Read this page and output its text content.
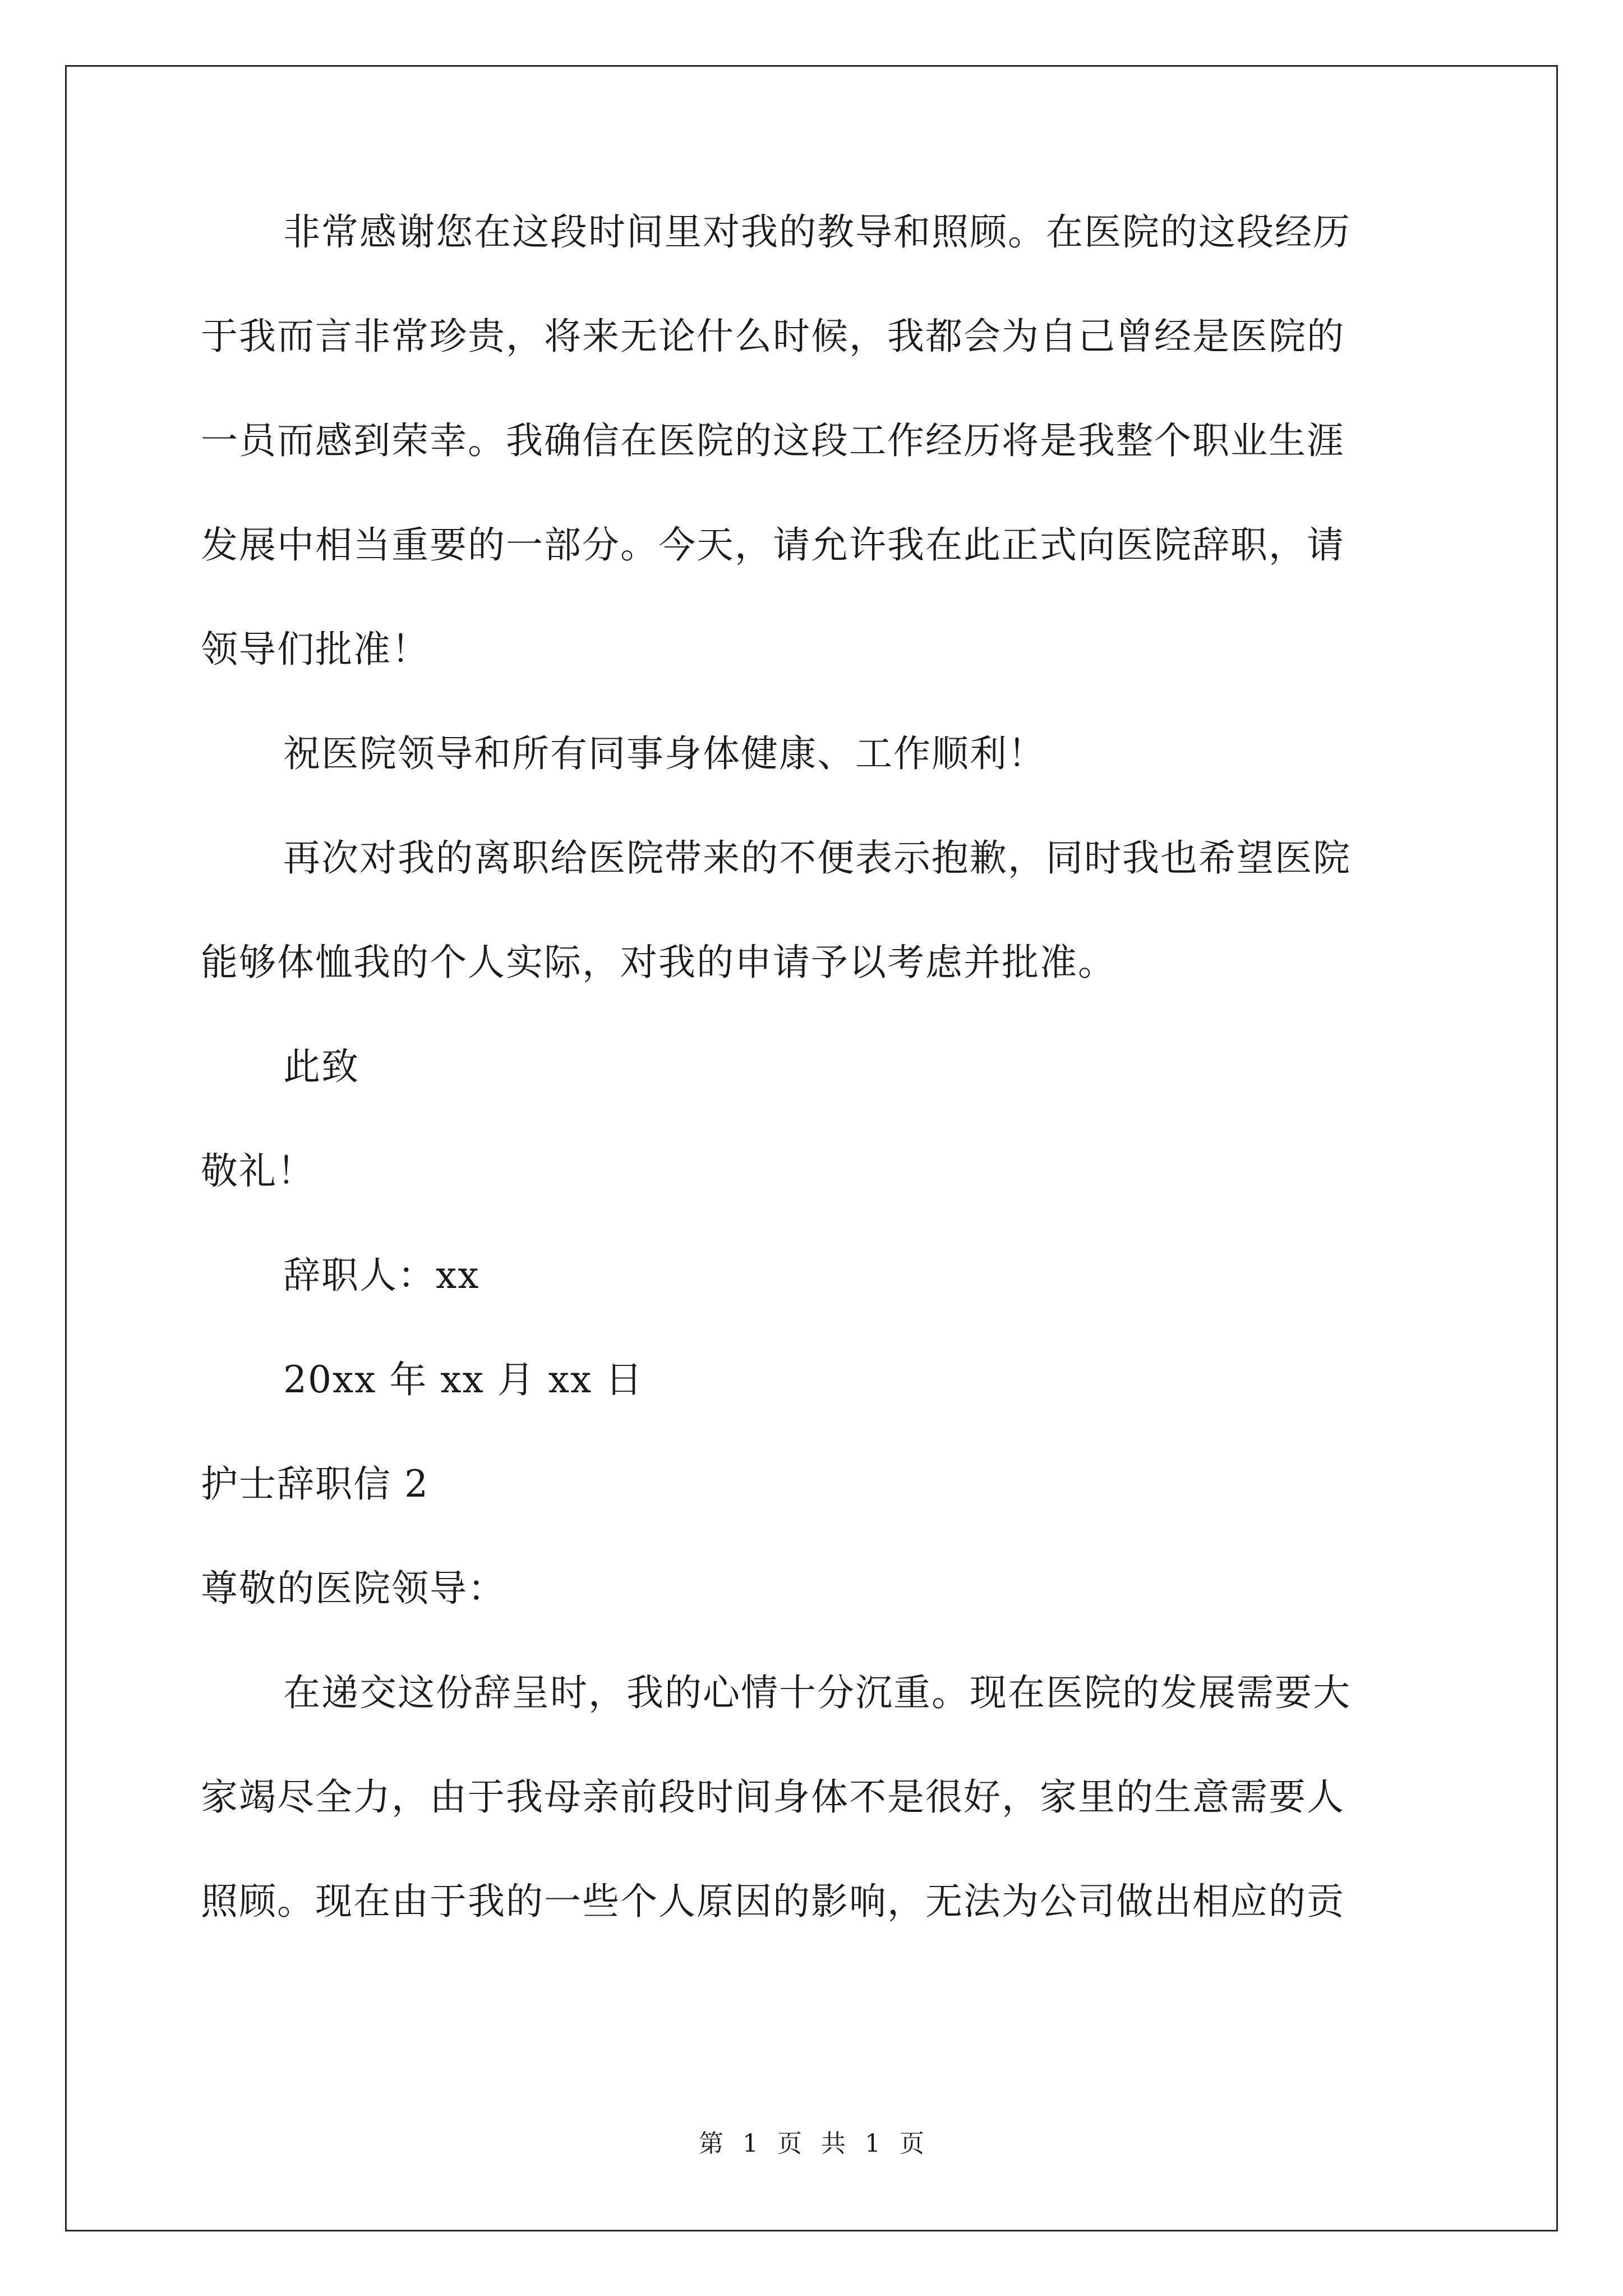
非常感谢您在这段时间里对我的教导和照顾。在医院的这段经历
于我而言非常珍贵，将来无论什么时候，我都会为自己曾经是医院的
一员而感到荣幸。我确信在医院的这段工作经历将是我整个职业生涯
发展中相当重要的一部分。今天，请允许我在此正式向医院辞职，请
领导们批准！
祝医院领导和所有同事身体健康、工作顺利！
再次对我的离职给医院带来的不便表示抱歉，同时我也希望医院
能够体恤我的个人实际，对我的申请予以考虑并批准。
此致
敬礼！
辞职人：xx
20xx 年 xx 月 xx 日
护士辞职信 2
尊敬的医院领导：
在递交这份辞呈时，我的心情十分沉重。现在医院的发展需要大
家竭尽全力，由于我母亲前段时间身体不是很好，家里的生意需要人
照顾。现在由于我的一些个人原因的影响，无法为公司做出相应的贡
第 1 页 共 1 页
